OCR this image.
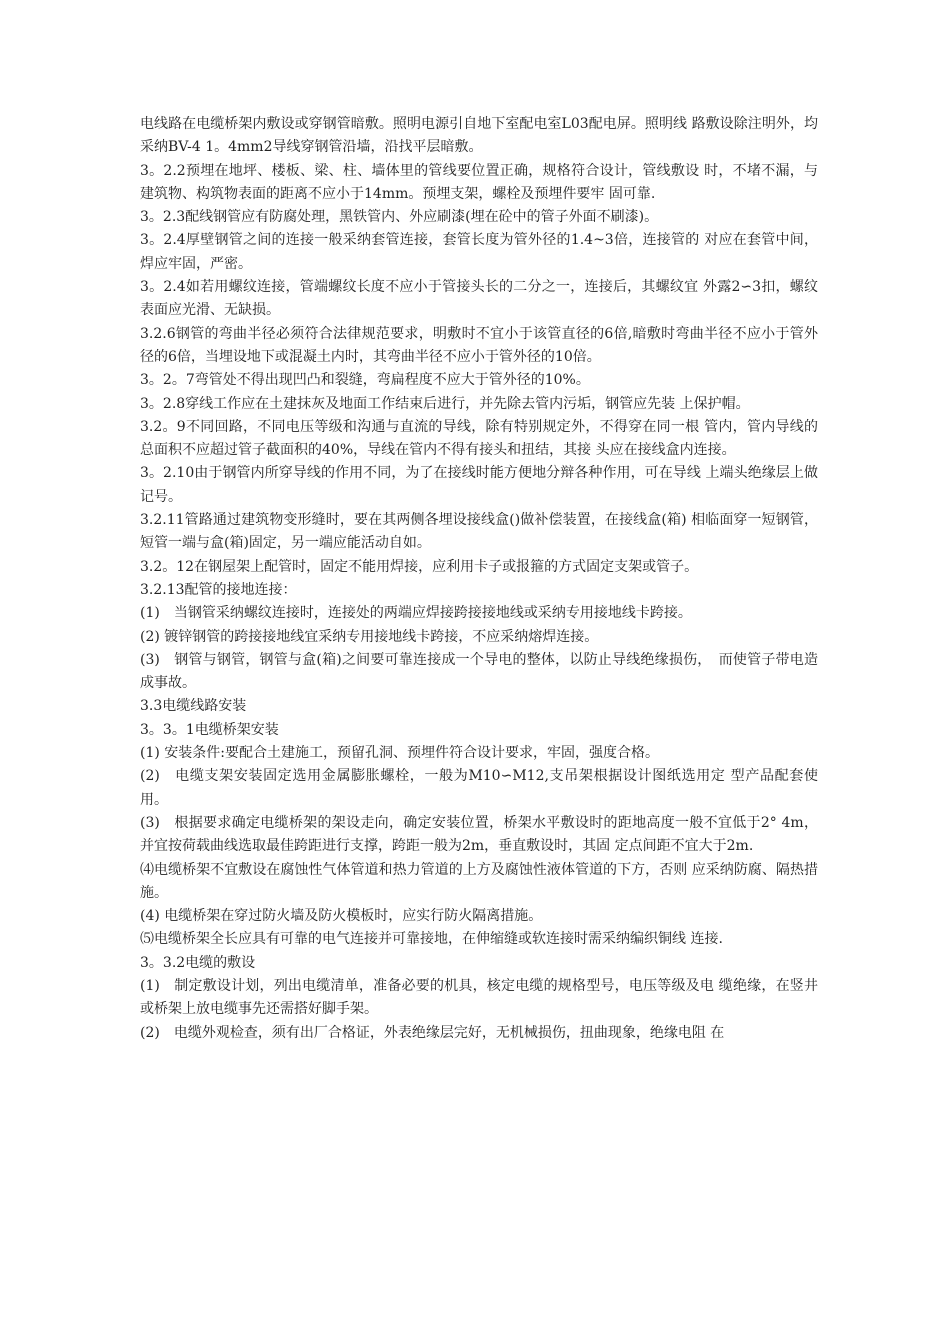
电线路在电缆桥架内敷设或穿钢管暗敷。照明电源引自地下室配电室L03配电屏。照明线 路敷设除注明外，均采纳BV-4 1。4mm2导线穿钢管沿墙，沿找平层暗敷。

3。2.2预埋在地坪、楼板、梁、柱、墙体里的管线要位置正确，规格符合设计，管线敷设 时，不堵不漏，与建筑物、构筑物表面的距离不应小于14mm。预埋支架，螺栓及预埋件要牢 固可靠.

3。2.3配线钢管应有防腐处理，黑铁管内、外应刷漆(埋在砼中的管子外面不刷漆)。

3。2.4厚壁钢管之间的连接一般采纳套管连接，套管长度为管外径的1.4~3倍，连接管的 对应在套管中间，焊应牢固，严密。

3。2.4如若用螺纹连接，管端螺纹长度不应小于管接头长的二分之一，连接后，其螺纹宜 外露2∽3扣，螺纹表面应光滑、无缺损。

3.2.6钢管的弯曲半径必须符合法律规范要求，明敷时不宜小于该管直径的6倍,暗敷时弯曲半径不应小于管外径的6倍，当埋设地下或混凝土内时，其弯曲半径不应小于管外径的10倍。

3。2。7弯管处不得出现凹凸和裂缝，弯扁程度不应大于管外径的10%。

3。2.8穿线工作应在土建抹灰及地面工作结束后进行，并先除去管内污垢，钢管应先装 上保护帽。

3.2。9不同回路，不同电压等级和沟通与直流的导线，除有特别规定外，不得穿在同一根 管内，管内导线的总面积不应超过管子截面积的40%，导线在管内不得有接头和扭结，其接 头应在接线盒内连接。

3。2.10由于钢管内所穿导线的作用不同，为了在接线时能方便地分辩各种作用，可在导线 上端头绝缘层上做记号。

3.2.11管路通过建筑物变形缝时，要在其两侧各埋设接线盒()做补偿装置，在接线盒(箱) 相临面穿一短钢管，短管一端与盒(箱)固定，另一端应能活动自如。

3.2。12在钢屋架上配管时，固定不能用焊接，应利用卡子或报箍的方式固定支架或管子。

3.2.13配管的接地连接：

(1)　当钢管采纳螺纹连接时，连接处的两端应焊接跨接接地线或采纳专用接地线卡跨接。

(2) 镀锌钢管的跨接接地线宜采纳专用接地线卡跨接，不应采纳熔焊连接。

(3)　钢管与钢管，钢管与盒(箱)之间要可靠连接成一个导电的整体，以防止导线绝缘损伤，　而使管子带电造成事故。

3.3电缆线路安装

3。3。1电缆桥架安装

(1) 安装条件:要配合土建施工，预留孔洞、预埋件符合设计要求，牢固，强度合格。

(2)　电缆支架安装固定选用金属膨胀螺栓，一般为M10∽M12,支吊架根据设计图纸选用定 型产品配套使用。

(3)　根据要求确定电缆桥架的架设走向，确定安装位置，桥架水平敷设时的距地高度一般不宜低于2° 4m，并宜按荷载曲线选取最佳跨距进行支撑，跨距一般为2m，垂直敷设时，其固 定点间距不宜大于2m.

⑷电缆桥架不宜敷设在腐蚀性气体管道和热力管道的上方及腐蚀性液体管道的下方，否则 应采纳防腐、隔热措施。

(4) 电缆桥架在穿过防火墙及防火模板时，应实行防火隔离措施。

⑸电缆桥架全长应具有可靠的电气连接并可靠接地，在伸缩缝或软连接时需采纳编织铜线 连接.

3。3.2电缆的敷设

(1)　制定敷设计划，列出电缆清单，准备必要的机具，核定电缆的规格型号，电压等级及电 缆绝缘，在竖井或桥架上放电缆事先还需搭好脚手架。

(2)　电缆外观检查，须有出厂合格证，外表绝缘层完好，无机械损伤，扭曲现象，绝缘电阻 在
